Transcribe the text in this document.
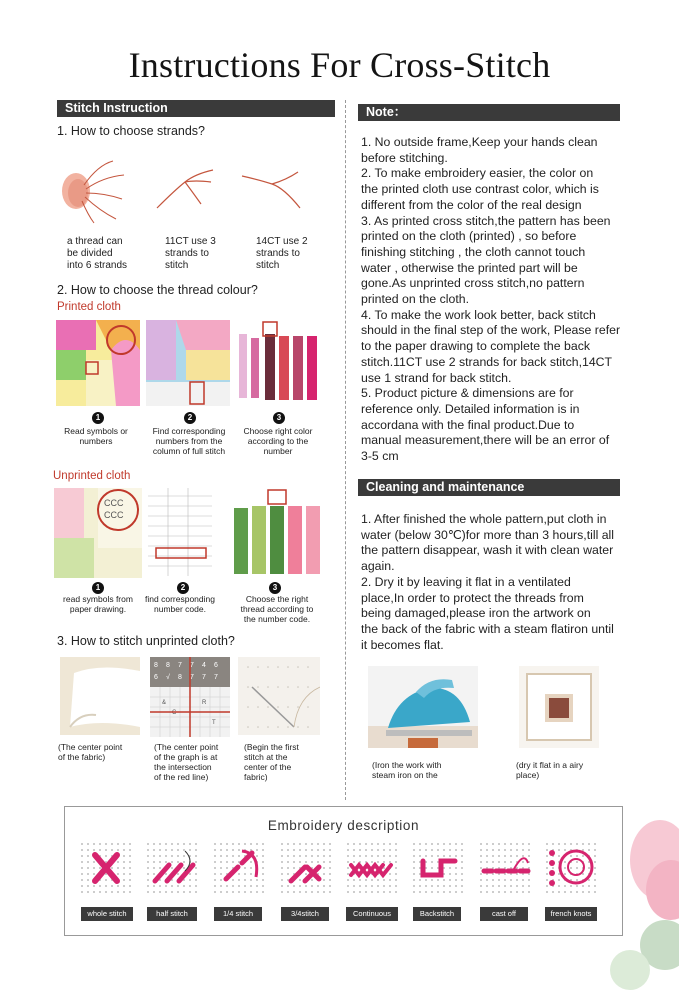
Instructions For Cross-Stitch
Stitch Instruction
1. How to choose strands?
a thread can
be divided
into 6 strands
11CT use 3
strands to
stitch
14CT use 2
strands to
stitch
2. How to choose the thread colour?
Printed cloth
1	2	3
Read symbols or
numbers
Find corresponding
numbers from the
column of full stitch
Choose right color
according to the
number
Unprinted cloth
CCC
CCC
1	2	3
read symbols from
paper drawing.
find corresponding
number code.
Choose the right
thread according to
the number code.
3. How to stitch unprinted cloth?
8 8 7 7 4 6
6 √ 8 7 7 7
&
C
R
T
(The center point
of the fabric)
(The center point
of the graph is at
the intersection
of the red line)
(Begin the first
stitch at the
center of the
fabric)
Note：

1. No outside frame,Keep your hands clean

before stitching.

2. To make embroidery easier, the color on

the printed cloth use contrast color, which is

different from the color of the real design

3. As printed cross stitch,the pattern has been

printed on the cloth (printed) , so before

finishing stitching , the cloth cannot touch

water , otherwise the printed part will be

gone.As unprinted cross stitch,no pattern

printed on the cloth.

4. To make the work look better, back stitch

should in the final step of the work, Please refer

to the paper drawing to complete the back

stitch.11CT use 2 strands for back stitch,14CT

use 1 strand for back stitch.

5. Product picture & dimensions are for

reference only. Detailed information is in

accordana with the final product.Due to

manual measurement,there will be an error of

3-5 cm

Cleaning and maintenance

1. After finished the whole pattern,put cloth in

water (below 30℃)for more than 3 hours,till all

the pattern disappear, wash it with clean water

again.

2. Dry it by leaving it flat in a ventilated

place,In order to protect the threads from

being damaged,please iron the artwork on

the back of the fabric with a steam flatiron until

it becomes flat.

(Iron the work with
steam iron on the
(dry it flat in a airy
place)
Embroidery description
whole stitch	half stitch	1/4 stitch	3/4stitch	Continuous	Backstitch	cast off	french knots
